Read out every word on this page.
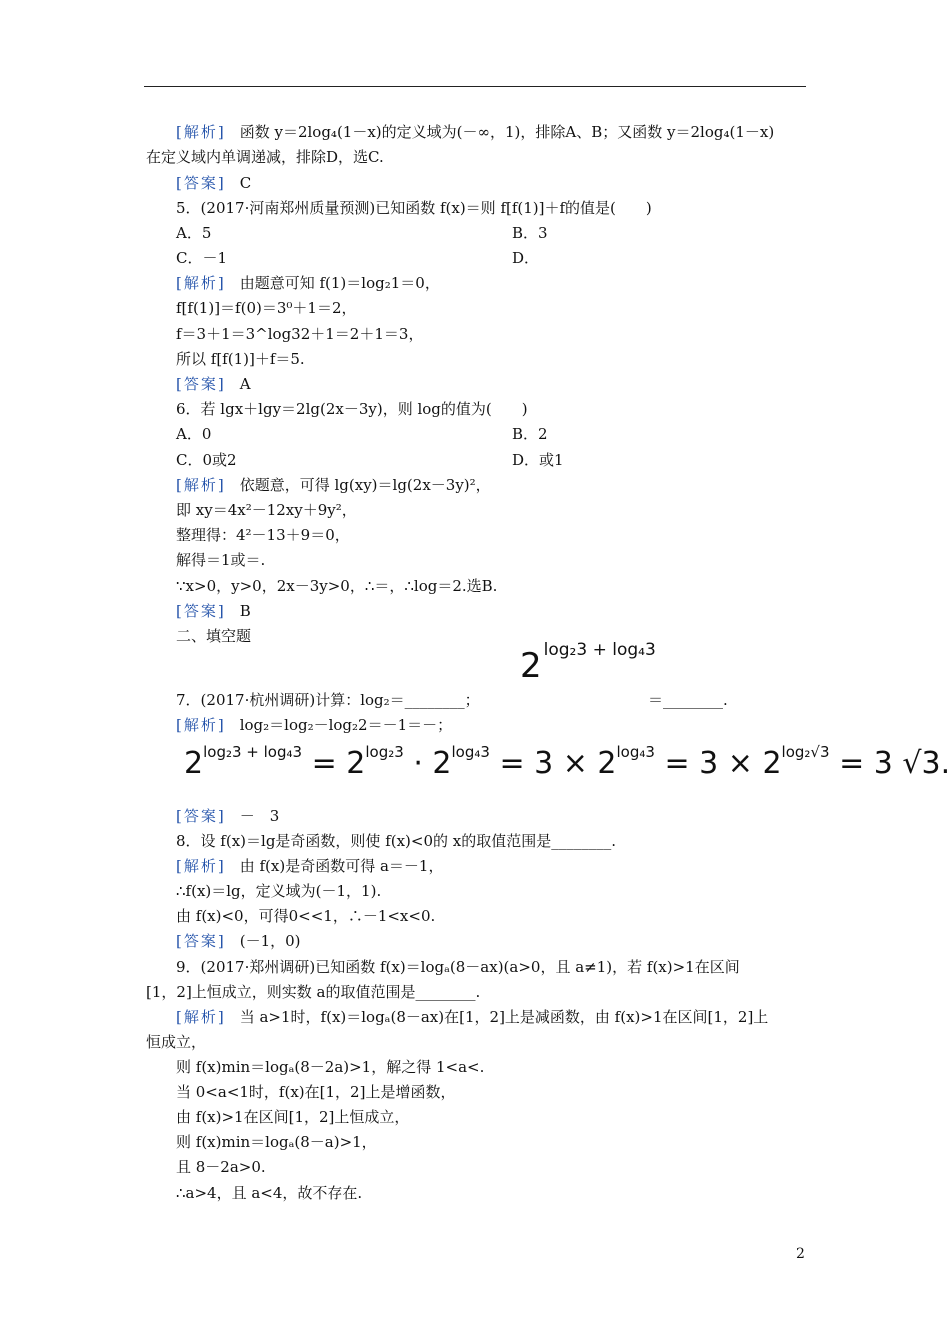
[解析] 函数 y＝2log₄(1－x)的定义域为(－∞，1)，排除A、B；又函数 y＝2log₄(1－x)
在定义域内单调递减，排除D，选C.
[答案] C
5．(2017·河南郑州质量预测)已知函数 f(x)＝则 f[f(1)]＋f的值是(　　)
A．5	B．3
C．－1	D．
[解析] 由题意可知 f(1)＝log₂1＝0，
f[f(1)]＝f(0)＝3⁰＋1＝2，
f＝3＋1＝3^log32＋1＝2＋1＝3，
所以 f[f(1)]＋f＝5.
[答案] A
6．若 lgx＋lgy＝2lg(2x－3y)，则 log的值为(　　)
A．0	B．2
C．0或2	D．或1
[解析] 依题意，可得 lg(xy)＝lg(2x－3y)²，
即 xy＝4x²－12xy＋9y²，
整理得：4²－13＋9＝0，
解得＝1或＝.
∵x>0，y>0，2x－3y>0，∴＝，∴log＝2.选B.
[答案] B
二、填空题
2 log₂3 + log₄3
7．(2017·杭州调研)计算：log₂＝________；	＝________.
[解析] log₂＝log₂－log₂2＝－1＝－；
$2^{log_23 + log_43} = 2^{log_23} \cdot 2^{log_43} = 3 \times 2^{log_43} = 3 \times 2^{log_2√3} = 3$ √3.
[答案] －　3
8．设 f(x)＝lg是奇函数，则使 f(x)<0的 x的取值范围是________.
[解析] 由 f(x)是奇函数可得 a＝－1，
∴f(x)＝lg，定义域为(－1，1).
由 f(x)<0，可得0<<1，∴－1<x<0.
[答案] (－1，0)
9．(2017·郑州调研)已知函数 f(x)＝logₐ(8－ax)(a>0，且 a≠1)，若 f(x)>1在区间
[1，2]上恒成立，则实数 a的取值范围是________.
[解析] 当 a>1时，f(x)＝logₐ(8－ax)在[1，2]上是减函数，由 f(x)>1在区间[1，2]上
恒成立，
则 f(x)min＝logₐ(8－2a)>1，解之得 1<a<.
当 0<a<1时，f(x)在[1，2]上是增函数，
由 f(x)>1在区间[1，2]上恒成立，
则 f(x)min＝logₐ(8－a)>1，
且 8－2a>0.
∴a>4，且 a<4，故不存在.
2
